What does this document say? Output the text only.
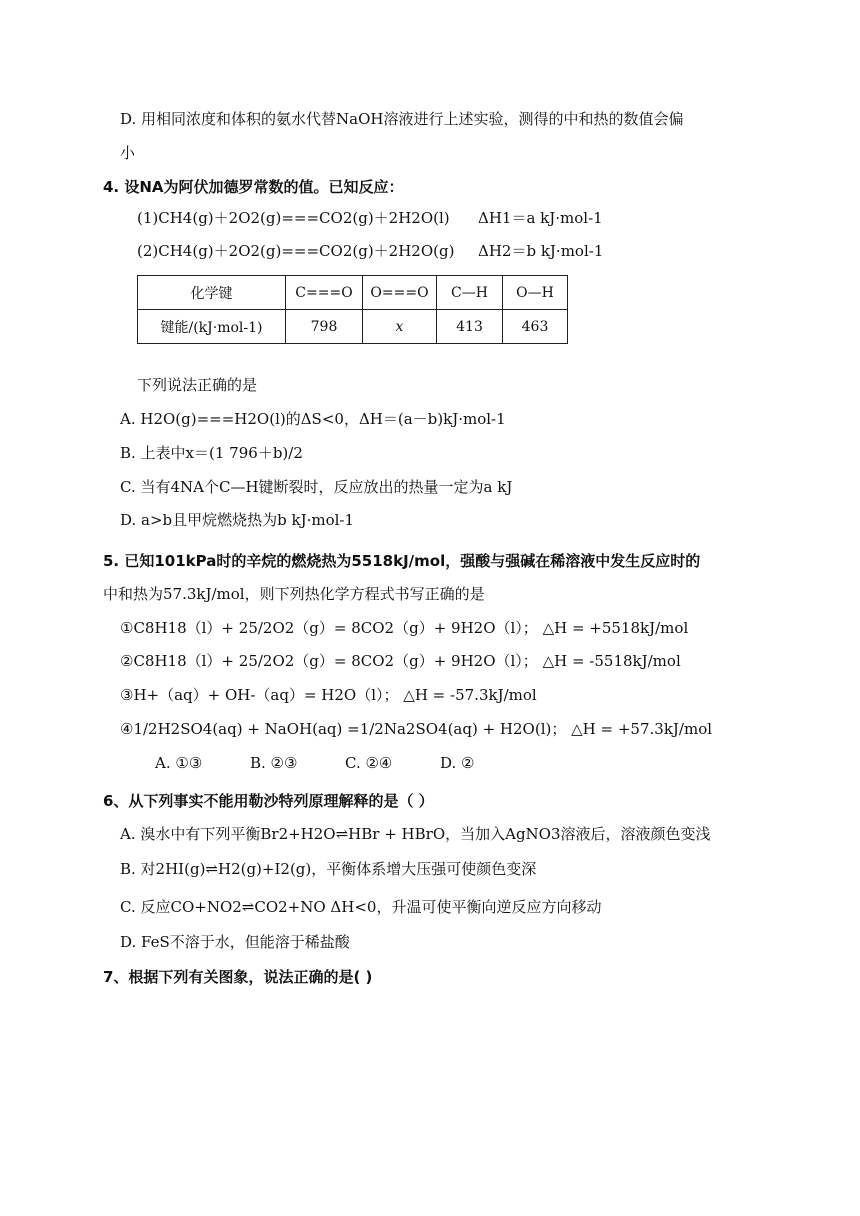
D. 用相同浓度和体积的氨水代替NaOH溶液进行上述实验，测得的中和热的数值会偏
小
4. 设NA为阿伏加德罗常数的值。已知反应：
(1)CH4(g)＋2O2(g)===CO2(g)＋2H2O(l) ΔH1＝a kJ·mol-1
(2)CH4(g)＋2O2(g)===CO2(g)＋2H2O(g) ΔH2＝b kJ·mol-1
化学键	C===O	O===O	C—H	O—H
键能/(kJ·mol-1)	798	x	413	463
下列说法正确的是
A. H2O(g)===H2O(l)的ΔS<0，ΔH＝(a－b)kJ·mol-1
B. 上表中x＝(1 796＋b)/2
C. 当有4NA个C—H键断裂时，反应放出的热量一定为a kJ
D. a>b且甲烷燃烧热为b kJ·mol-1
5. 已知101kPa时的辛烷的燃烧热为5518kJ/mol，强酸与强碱在稀溶液中发生反应时的
中和热为57.3kJ/mol，则下列热化学方程式书写正确的是
①C8H18（l）+ 25/2O2（g）= 8CO2（g）+ 9H2O（l）； △H = +5518kJ/mol
②C8H18（l）+ 25/2O2（g）= 8CO2（g）+ 9H2O（l）； △H = -5518kJ/mol
③H+（aq）+ OH-（aq）= H2O（l）； △H = -57.3kJ/mol
④1/2H2SO4(aq) + NaOH(aq) =1/2Na2SO4(aq) + H2O(l)； △H = +57.3kJ/mol
A. ①③	B. ②③	C. ②④	D. ②
6、从下列事实不能用勒沙特列原理解释的是（ ）
A. 溴水中有下列平衡Br2+H2O⇌HBr + HBrO，当加入AgNO3溶液后，溶液颜色变浅
B. 对2HI(g)⇌H2(g)+I2(g)，平衡体系增大压强可使颜色变深
C. 反应CO+NO2⇌CO2+NO ΔH<0，升温可使平衡向逆反应方向移动
D. FeS不溶于水，但能溶于稀盐酸
7、根据下列有关图象，说法正确的是( )
